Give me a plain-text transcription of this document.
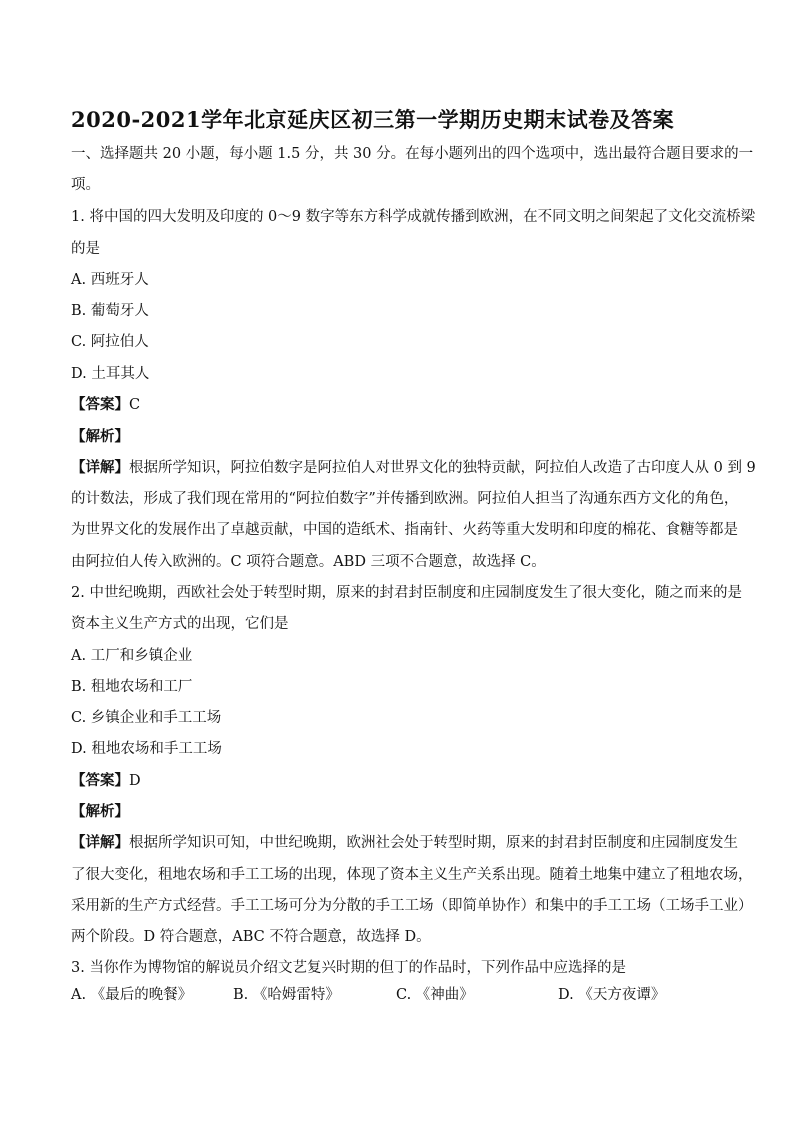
2020-2021学年北京延庆区初三第一学期历史期末试卷及答案
一、选择题共 20 小题，每小题 1.5 分，共 30 分。在每小题列出的四个选项中，选出最符合题目要求的一
项。
1. 将中国的四大发明及印度的 0～9 数字等东方科学成就传播到欧洲，在不同文明之间架起了文化交流桥梁
的是
A. 西班牙人
B. 葡萄牙人
C. 阿拉伯人
D. 土耳其人
【答案】C
【解析】
【详解】根据所学知识，阿拉伯数字是阿拉伯人对世界文化的独特贡献，阿拉伯人改造了古印度人从 0 到 9
的计数法，形成了我们现在常用的“阿拉伯数字”并传播到欧洲。阿拉伯人担当了沟通东西方文化的角色，
为世界文化的发展作出了卓越贡献，中国的造纸术、指南针、火药等重大发明和印度的棉花、食糖等都是
由阿拉伯人传入欧洲的。C 项符合题意。ABD 三项不合题意，故选择 C。
2. 中世纪晚期，西欧社会处于转型时期，原来的封君封臣制度和庄园制度发生了很大变化，随之而来的是
资本主义生产方式的出现，它们是
A. 工厂和乡镇企业
B. 租地农场和工厂
C. 乡镇企业和手工工场
D. 租地农场和手工工场
【答案】D
【解析】
【详解】根据所学知识可知，中世纪晚期，欧洲社会处于转型时期，原来的封君封臣制度和庄园制度发生
了很大变化，租地农场和手工工场的出现，体现了资本主义生产关系出现。随着土地集中建立了租地农场，
采用新的生产方式经营。手工工场可分为分散的手工工场（即简单协作）和集中的手工工场（工场手工业）
两个阶段。D 符合题意，ABC 不符合题意，故选择 D。
3. 当你作为博物馆的解说员介绍文艺复兴时期的但丁的作品时，下列作品中应选择的是
A. 《最后的晚餐》	B. 《哈姆雷特》	C. 《神曲》	D. 《天方夜谭》
